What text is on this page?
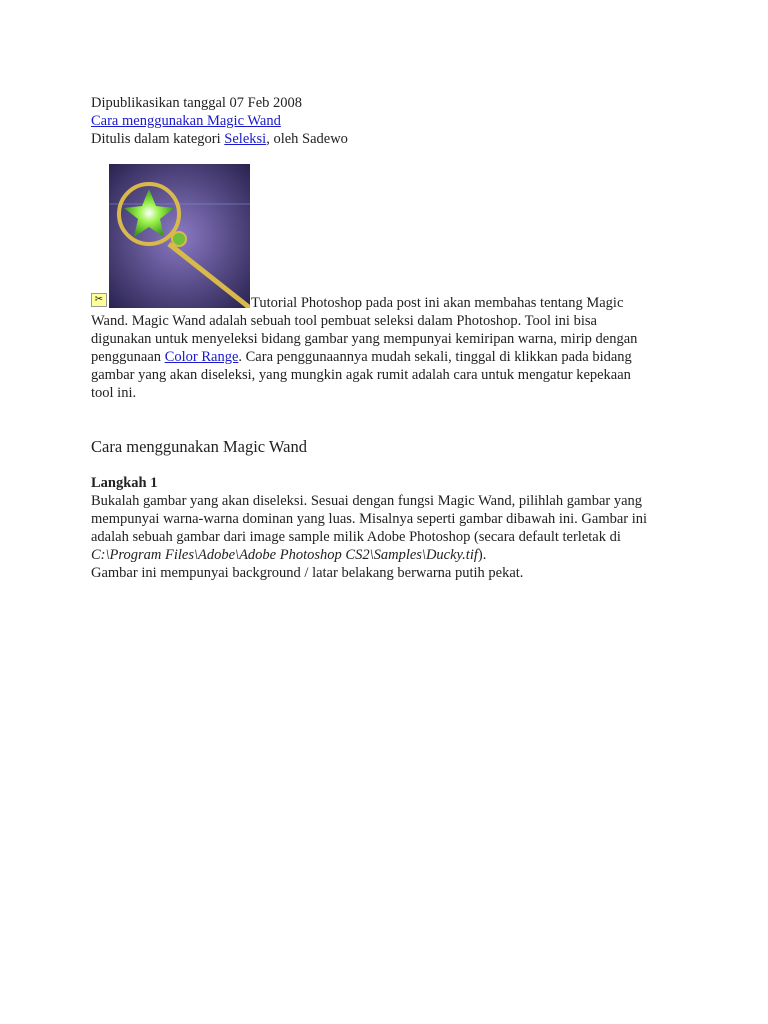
Dipublikasikan tanggal 07 Feb 2008
Cara menggunakan Magic Wand
Ditulis dalam kategori Seleksi, oleh Sadewo
✂	Tutorial Photoshop pada post ini akan membahas tentang Magic
Wand. Magic Wand adalah sebuah tool pembuat seleksi dalam Photoshop. Tool ini bisa
digunakan untuk menyeleksi bidang gambar yang mempunyai kemiripan warna, mirip dengan
penggunaan Color Range. Cara penggunaannya mudah sekali, tinggal di klikkan pada bidang
gambar yang akan diseleksi, yang mungkin agak rumit adalah cara untuk mengatur kepekaan
tool ini.
Cara menggunakan Magic Wand
Langkah 1
Bukalah gambar yang akan diseleksi. Sesuai dengan fungsi Magic Wand, pilihlah gambar yang
mempunyai warna-warna dominan yang luas. Misalnya seperti gambar dibawah ini. Gambar ini
adalah sebuah gambar dari image sample milik Adobe Photoshop (secara default terletak di
C:\Program Files\Adobe\Adobe Photoshop CS2\Samples\Ducky.tif).
Gambar ini mempunyai background / latar belakang berwarna putih pekat.
